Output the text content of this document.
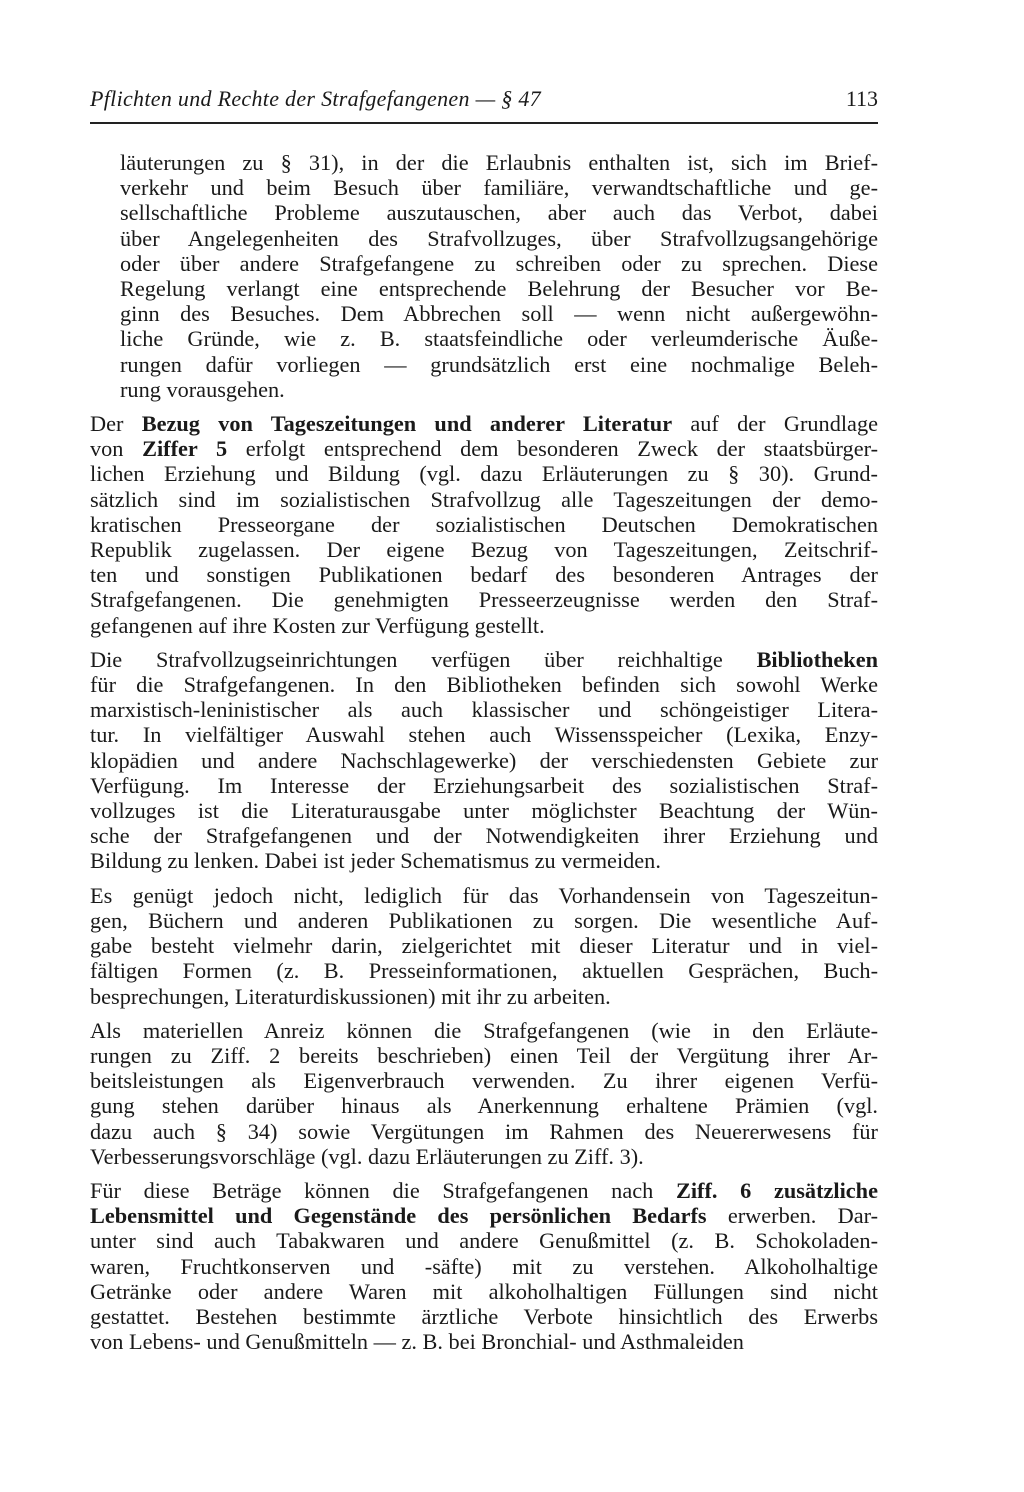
Pflichten und Rechte der Strafgefangenen — § 47	113
läuterungen zu § 31), in der die Erlaubnis enthalten ist, sich im Brief-
verkehr und beim Besuch über familiäre, verwandtschaftliche und ge-
sellschaftliche Probleme auszutauschen, aber auch das Verbot, dabei
über Angelegenheiten des Strafvollzuges, über Strafvollzugsangehörige
oder über andere Strafgefangene zu schreiben oder zu sprechen. Diese
Regelung verlangt eine entsprechende Belehrung der Besucher vor Be-
ginn des Besuches. Dem Abbrechen soll — wenn nicht außergewöhn-
liche Gründe, wie z. B. staatsfeindliche oder verleumderische Äuße-
rungen dafür vorliegen — grundsätzlich erst eine nochmalige Beleh-
rung vorausgehen.
Der Bezug von Tageszeitungen und anderer Literatur auf der Grundlage
von Ziffer 5 erfolgt entsprechend dem besonderen Zweck der staatsbürger-
lichen Erziehung und Bildung (vgl. dazu Erläuterungen zu § 30). Grund-
sätzlich sind im sozialistischen Strafvollzug alle Tageszeitungen der demo-
kratischen Presseorgane der sozialistischen Deutschen Demokratischen
Republik zugelassen. Der eigene Bezug von Tageszeitungen, Zeitschrif-
ten und sonstigen Publikationen bedarf des besonderen Antrages der
Strafgefangenen. Die genehmigten Presseerzeugnisse werden den Straf-
gefangenen auf ihre Kosten zur Verfügung gestellt.
Die Strafvollzugseinrichtungen verfügen über reichhaltige Bibliotheken
für die Strafgefangenen. In den Bibliotheken befinden sich sowohl Werke
marxistisch-leninistischer als auch klassischer und schöngeistiger Litera-
tur. In vielfältiger Auswahl stehen auch Wissensspeicher (Lexika, Enzy-
klopädien und andere Nachschlagewerke) der verschiedensten Gebiete zur
Verfügung. Im Interesse der Erziehungsarbeit des sozialistischen Straf-
vollzuges ist die Literaturausgabe unter möglichster Beachtung der Wün-
sche der Strafgefangenen und der Notwendigkeiten ihrer Erziehung und
Bildung zu lenken. Dabei ist jeder Schematismus zu vermeiden.
Es genügt jedoch nicht, lediglich für das Vorhandensein von Tageszeitun-
gen, Büchern und anderen Publikationen zu sorgen. Die wesentliche Auf-
gabe besteht vielmehr darin, zielgerichtet mit dieser Literatur und in viel-
fältigen Formen (z. B. Presseinformationen, aktuellen Gesprächen, Buch-
besprechungen, Literaturdiskussionen) mit ihr zu arbeiten.
Als materiellen Anreiz können die Strafgefangenen (wie in den Erläute-
rungen zu Ziff. 2 bereits beschrieben) einen Teil der Vergütung ihrer Ar-
beitsleistungen als Eigenverbrauch verwenden. Zu ihrer eigenen Verfü-
gung stehen darüber hinaus als Anerkennung erhaltene Prämien (vgl.
dazu auch § 34) sowie Vergütungen im Rahmen des Neuererwesens für
Verbesserungsvorschläge (vgl. dazu Erläuterungen zu Ziff. 3).
Für diese Beträge können die Strafgefangenen nach Ziff. 6 zusätzliche
Lebensmittel und Gegenstände des persönlichen Bedarfs erwerben. Dar-
unter sind auch Tabakwaren und andere Genußmittel (z. B. Schokoladen-
waren, Fruchtkonserven und -säfte) mit zu verstehen. Alkoholhaltige
Getränke oder andere Waren mit alkoholhaltigen Füllungen sind nicht
gestattet. Bestehen bestimmte ärztliche Verbote hinsichtlich des Erwerbs
von Lebens- und Genußmitteln — z. B. bei Bronchial- und Asthmaleiden
